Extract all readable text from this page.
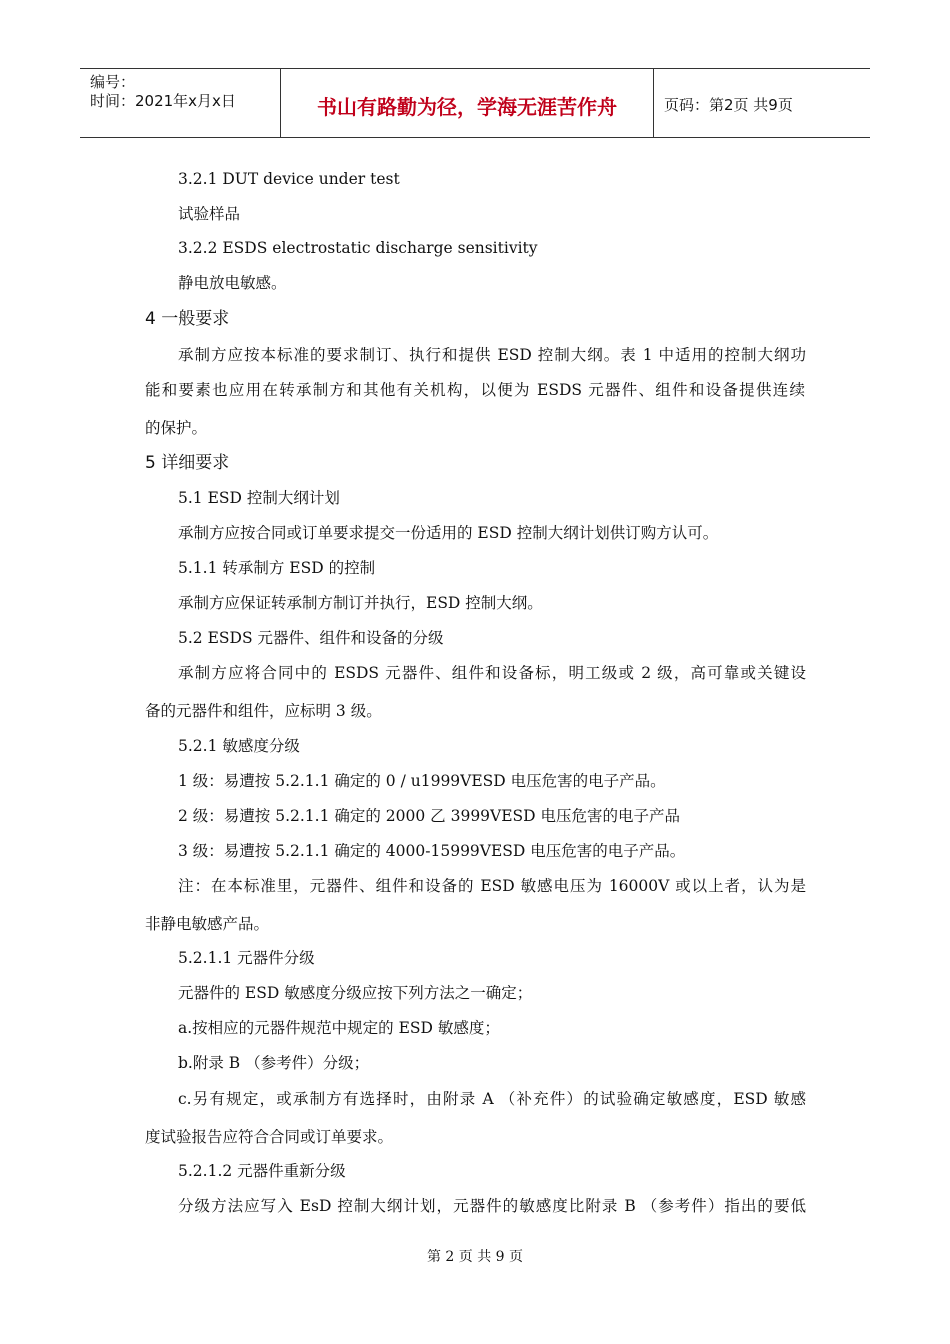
编号：
时间：2021年x月x日	书山有路勤为径，学海无涯苦作舟	页码：第2页 共9页
3.2.1 DUT device under test
试验样品
3.2.2 ESDS electrostatic discharge sensitivity
静电放电敏感。
4 一般要求
承制方应按本标准的要求制订、执行和提供 ESD 控制大纲。表 1 中适用的控制大纲功
能和要素也应用在转承制方和其他有关机构，以便为 ESDS 元器件、组件和设备提供连续
的保护。
5 详细要求
5.1 ESD 控制大纲计划
承制方应按合同或订单要求提交一份适用的 ESD 控制大纲计划供订购方认可。
5.1.1 转承制方 ESD 的控制
承制方应保证转承制方制订并执行，ESD 控制大纲。
5.2 ESDS 元器件、组件和设备的分级
承制方应将合同中的 ESDS 元器件、组件和设备标，明工级或 2 级，高可靠或关键设
备的元器件和组件，应标明 3 级。
5.2.1 敏感度分级
1 级：易遭按 5.2.1.1 确定的 0 / u1999VESD 电压危害的电子产品。
2 级：易遭按 5.2.1.1 确定的 2000 乙 3999VESD 电压危害的电子产品
3 级：易遭按 5.2.1.1 确定的 4000-15999VESD 电压危害的电子产品。
注：在本标准里，元器件、组件和设备的 ESD 敏感电压为 16000V 或以上者，认为是
非静电敏感产品。
5.2.1.1 元器件分级
元器件的 ESD 敏感度分级应按下列方法之一确定；
a.按相应的元器件规范中规定的 ESD 敏感度；
b.附录 B （参考件）分级；
c.另有规定，或承制方有选择时，由附录 A （补充件）的试验确定敏感度，ESD 敏感
度试验报告应符合合同或订单要求。
5.2.1.2 元器件重新分级
分级方法应写入 EsD 控制大纲计划，元器件的敏感度比附录 B （参考件）指出的要低
第 2 页 共 9 页
